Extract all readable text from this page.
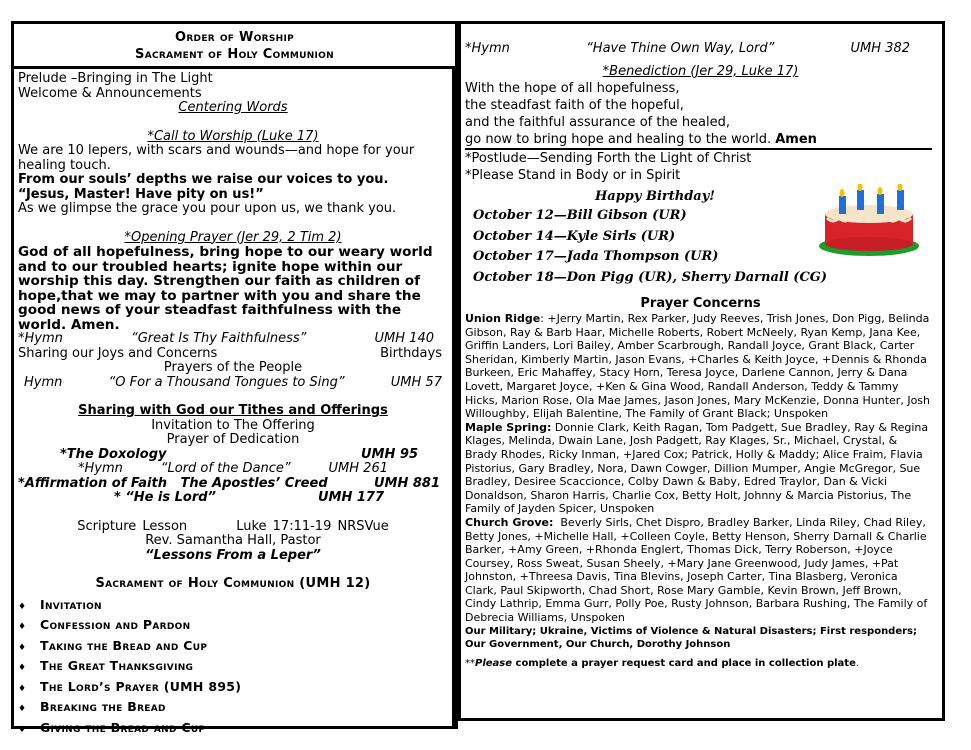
Order of Worship
Sacrament of Holy Communion
Prelude –Bringing in The Light
Welcome & Announcements
Centering Words
*Call to Worship (Luke 17)
We are 10 lepers, with scars and wounds—and hope for your healing touch.
From our souls’ depths we raise our voices to you.
“Jesus, Master! Have pity on us!”
As we glimpse the grace you pour upon us, we thank you.
*Opening Prayer (Jer 29, 2 Tim 2)
God of all hopefulness, bring hope to our weary world and to our troubled hearts; ignite hope within our worship this day. Strengthen our faith as children of hope,that we may to partner with you and share the good news of your steadfast faithfulness with the world. Amen.
*Hymn	“Great Is Thy Faithfulness”	UMH 140
Sharing our Joys and Concerns	Birthdays
Prayers of the People
Hymn	“O For a Thousand Tongues to Sing”	UMH 57
Sharing with God our Tithes and Offerings
Invitation to The Offering
Prayer of Dedication
*The Doxology	UMH 95
*Hymn	“Lord of the Dance”	UMH 261
*Affirmation of Faith   The Apostles’ Creed	UMH 881
* “He is Lord”	UMH 177
Scripture Lesson	Luke 17:11-19 NRSVue
Rev. Samantha Hall, Pastor
“Lessons From a Leper”
Sacrament of Holy Communion (UMH 12)
♦ Invitation
♦ Confession and Pardon
♦ Taking the Bread and Cup
♦ The Great Thanksgiving
♦ The Lord’s Prayer (UMH 895)
♦ Breaking the Bread
♦ Giving the Bread and Cup
*Hymn	“Have Thine Own Way, Lord”	UMH 382
*Benediction (Jer 29, Luke 17)
With the hope of all hopefulness,
the steadfast faith of the hopeful,
and the faithful assurance of the healed,
go now to bring hope and healing to the world. Amen
*Postlude—Sending Forth the Light of Christ
*Please Stand in Body or in Spirit
Happy Birthday!
October 12—Bill Gibson (UR)
October 14—Kyle Sirls (UR)
October 17—Jada Thompson (UR)
October 18—Don Pigg (UR), Sherry Darnall (CG)
Prayer Concerns
Union Ridge: +Jerry Martin, Rex Parker, Judy Reeves, Trish Jones, Don Pigg, Belinda Gibson, Ray & Barb Haar, Michelle Roberts, Robert McNeely, Ryan Kemp, Jana Kee, Griffin Landers, Lori Bailey, Amber Scarbrough, Randall Joyce, Grant Black, Carter Sheridan, Kimberly Martin, Jason Evans, +Charles & Keith Joyce, +Dennis & Rhonda Burkeen, Eric Mahaffey, Stacy Horn, Teresa Joyce, Darlene Cannon, Jerry & Dana Lovett, Margaret Joyce, +Ken & Gina Wood, Randall Anderson, Teddy & Tammy Hicks, Marion Rose, Ola Mae James, Jason Jones, Mary McKenzie, Donna Hunter, Josh Willoughby, Elijah Balentine, The Family of Grant Black; Unspoken
Maple Spring: Donnie Clark, Keith Ragan, Tom Padgett, Sue Bradley, Ray & Regina Klages, Melinda, Dwain Lane, Josh Padgett, Ray Klages, Sr., Michael, Crystal, & Brady Rhodes, Ricky Inman, +Jared Cox; Patrick, Holly & Maddy; Alice Fraim, Flavia Pistorius, Gary Bradley, Nora, Dawn Cowger, Dillion Mumper, Angie McGregor, Sue Bradley, Desiree Scaccionce, Colby Dawn & Baby, Edred Traylor, Dan & Vicki Donaldson, Sharon Harris, Charlie Cox, Betty Holt, Johnny & Marcia Pistorius, The Family of Jayden Spicer, Unspoken
Church Grove:  Beverly Sirls, Chet Dispro, Bradley Barker, Linda Riley, Chad Riley, Betty Jones, +Michelle Hall, +Colleen Coyle, Betty Henson, Sherry Darnall & Charlie Barker, +Amy Green, +Rhonda Englert, Thomas Dick, Terry Roberson, +Joyce Coursey, Ross Sweat, Susan Sheely, +Mary Jane Greenwood, Judy James, +Pat Johnston, +Threesa Davis, Tina Blevins, Joseph Carter, Tina Blasberg, Veronica Clark, Paul Skipworth, Chad Short, Rose Mary Gamble, Kevin Brown, Jeff Brown, Cindy Lathrip, Emma Gurr, Polly Poe, Rusty Johnson, Barbara Rushing, The Family of Debrecia Williams, Unspoken
Our Military; Ukraine, Victims of Violence & Natural Disasters; First responders; Our Government, Our Church, Dorothy Johnson
**Please complete a prayer request card and place in collection plate.
